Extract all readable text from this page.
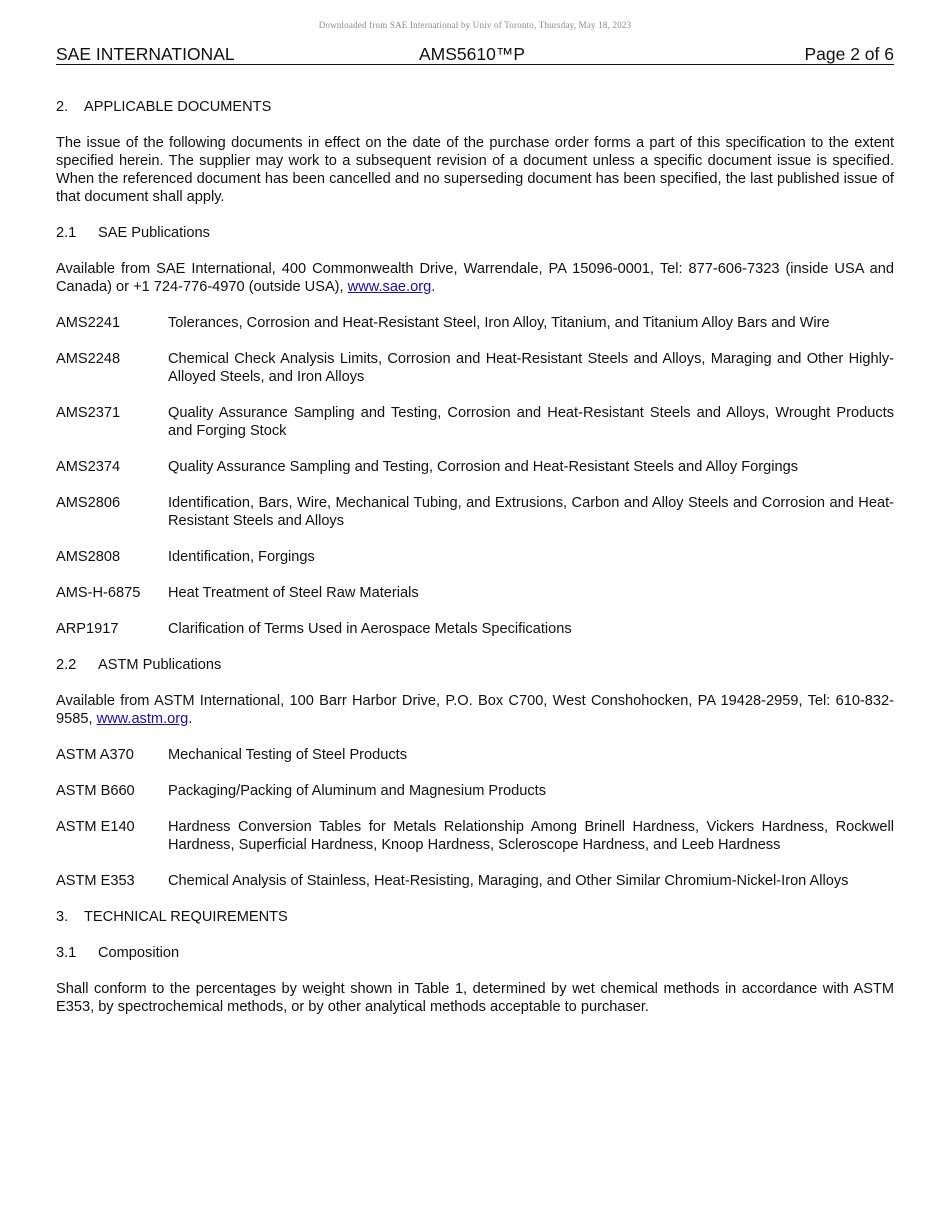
Downloaded from SAE International by Univ of Toronto, Thursday, May 18, 2023
SAE INTERNATIONAL	AMS5610™P	Page 2 of 6
2. APPLICABLE DOCUMENTS

The issue of the following documents in effect on the date of the purchase order forms a part of this specification to the extent specified herein. The supplier may work to a subsequent revision of a document unless a specific document issue is specified. When the referenced document has been cancelled and no superseding document has been specified, the last published issue of that document shall apply.

2.1 SAE Publications

Available from SAE International, 400 Commonwealth Drive, Warrendale, PA 15096-0001, Tel: 877-606-7323 (inside USA and Canada) or +1 724-776-4970 (outside USA), www.sae.org.

AMS2241	Tolerances, Corrosion and Heat-Resistant Steel, Iron Alloy, Titanium, and Titanium Alloy Bars and Wire
AMS2248	Chemical Check Analysis Limits, Corrosion and Heat-Resistant Steels and Alloys, Maraging and Other Highly-Alloyed Steels, and Iron Alloys
AMS2371	Quality Assurance Sampling and Testing, Corrosion and Heat-Resistant Steels and Alloys, Wrought Products and Forging Stock
AMS2374	Quality Assurance Sampling and Testing, Corrosion and Heat-Resistant Steels and Alloy Forgings
AMS2806	Identification, Bars, Wire, Mechanical Tubing, and Extrusions, Carbon and Alloy Steels and Corrosion and Heat-Resistant Steels and Alloys
AMS2808	Identification, Forgings
AMS-H-6875	Heat Treatment of Steel Raw Materials
ARP1917	Clarification of Terms Used in Aerospace Metals Specifications
2.2 ASTM Publications

Available from ASTM International, 100 Barr Harbor Drive, P.O. Box C700, West Conshohocken, PA 19428-2959, Tel: 610-832-9585, www.astm.org.

ASTM A370	Mechanical Testing of Steel Products
ASTM B660	Packaging/Packing of Aluminum and Magnesium Products
ASTM E140	Hardness Conversion Tables for Metals Relationship Among Brinell Hardness, Vickers Hardness, Rockwell Hardness, Superficial Hardness, Knoop Hardness, Scleroscope Hardness, and Leeb Hardness
ASTM E353	Chemical Analysis of Stainless, Heat-Resisting, Maraging, and Other Similar Chromium-Nickel-Iron Alloys
3. TECHNICAL REQUIREMENTS
3.1 Composition

Shall conform to the percentages by weight shown in Table 1, determined by wet chemical methods in accordance with ASTM E353, by spectrochemical methods, or by other analytical methods acceptable to purchaser.
